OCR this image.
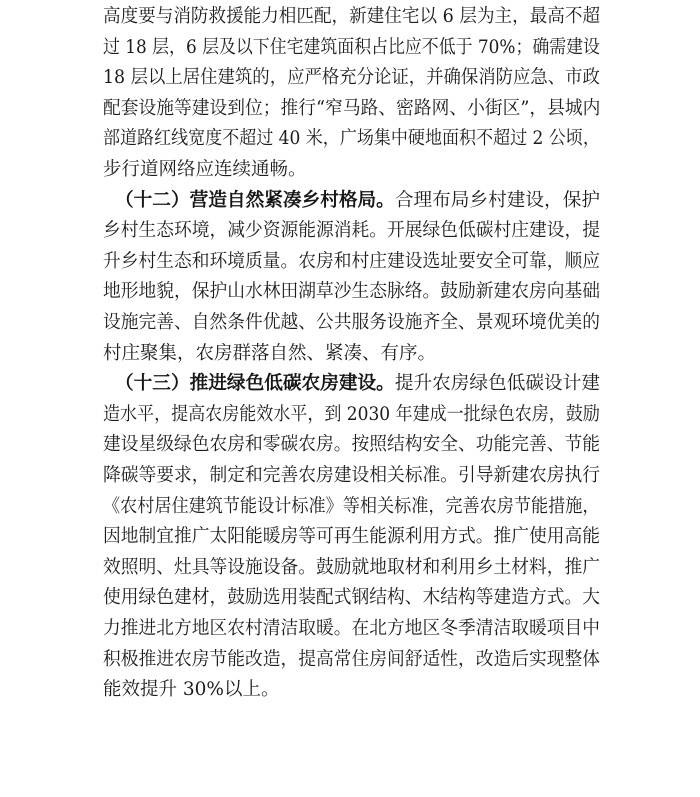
高度要与消防救援能力相匹配，新建住宅以 6 层为主，最高不超
过 18 层，6 层及以下住宅建筑面积占比应不低于 70%；确需建设
18 层以上居住建筑的，应严格充分论证，并确保消防应急、市政
配套设施等建设到位；推行“窄马路、密路网、小街区”，县城内
部道路红线宽度不超过 40 米，广场集中硬地面积不超过 2 公顷，
步行道网络应连续通畅。
（十二）营造自然紧凑乡村格局。合理布局乡村建设，保护
乡村生态环境，减少资源能源消耗。开展绿色低碳村庄建设，提
升乡村生态和环境质量。农房和村庄建设选址要安全可靠，顺应
地形地貌，保护山水林田湖草沙生态脉络。鼓励新建农房向基础
设施完善、自然条件优越、公共服务设施齐全、景观环境优美的
村庄聚集，农房群落自然、紧凑、有序。
（十三）推进绿色低碳农房建设。提升农房绿色低碳设计建
造水平，提高农房能效水平，到 2030 年建成一批绿色农房，鼓励
建设星级绿色农房和零碳农房。按照结构安全、功能完善、节能
降碳等要求，制定和完善农房建设相关标准。引导新建农房执行
《农村居住建筑节能设计标准》等相关标准，完善农房节能措施，
因地制宜推广太阳能暖房等可再生能源利用方式。推广使用高能
效照明、灶具等设施设备。鼓励就地取材和利用乡土材料，推广
使用绿色建材，鼓励选用装配式钢结构、木结构等建造方式。大
力推进北方地区农村清洁取暖。在北方地区冬季清洁取暖项目中
积极推进农房节能改造，提高常住房间舒适性，改造后实现整体
能效提升 30%以上。
